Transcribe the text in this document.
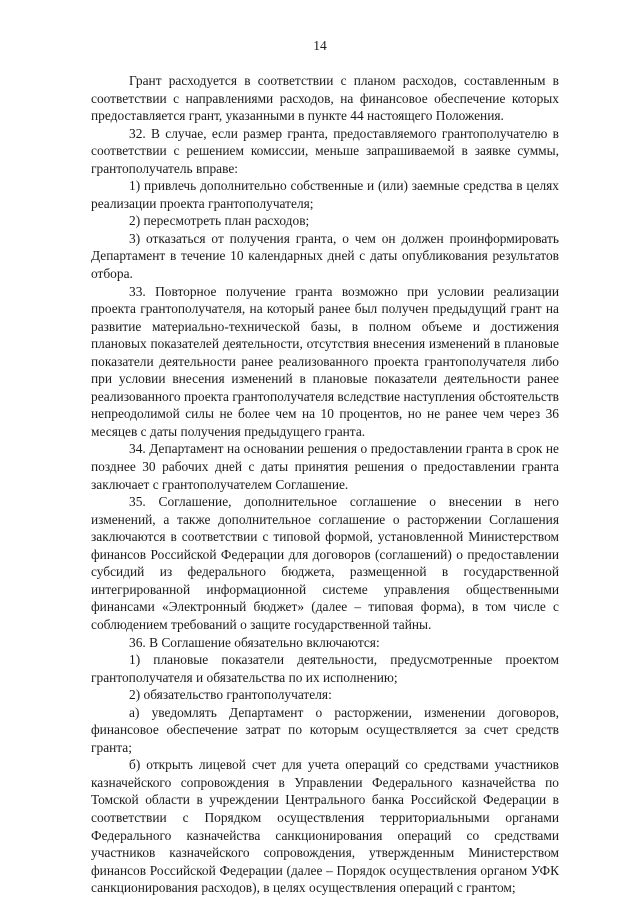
14

Грант расходуется в соответствии с планом расходов, составленным в соответствии с направлениями расходов, на финансовое обеспечение которых предоставляется грант, указанными в пункте 44 настоящего Положения.

32. В случае, если размер гранта, предоставляемого грантополучателю в соответствии с решением комиссии, меньше запрашиваемой в заявке суммы, грантополучатель вправе:

1) привлечь дополнительно собственные и (или) заемные средства в целях реализации проекта грантополучателя;

2) пересмотреть план расходов;

3) отказаться от получения гранта, о чем он должен проинформировать Департамент в течение 10 календарных дней с даты опубликования результатов отбора.

33. Повторное получение гранта возможно при условии реализации проекта грантополучателя, на который ранее был получен предыдущий грант на развитие материально-технической базы, в полном объеме и достижения плановых показателей деятельности, отсутствия внесения изменений в плановые показатели деятельности ранее реализованного проекта грантополучателя либо при условии внесения изменений в плановые показатели деятельности ранее реализованного проекта грантополучателя вследствие наступления обстоятельств непреодолимой силы не более чем на 10 процентов, но не ранее чем через 36 месяцев с даты получения предыдущего гранта.

34. Департамент на основании решения о предоставлении гранта в срок не позднее 30 рабочих дней с даты принятия решения о предоставлении гранта заключает с грантополучателем Соглашение.

35. Соглашение, дополнительное соглашение о внесении в него изменений, а также дополнительное соглашение о расторжении Соглашения заключаются в соответствии с типовой формой, установленной Министерством финансов Российской Федерации для договоров (соглашений) о предоставлении субсидий из федерального бюджета, размещенной в государственной интегрированной информационной системе управления общественными финансами «Электронный бюджет» (далее – типовая форма), в том числе с соблюдением требований о защите государственной тайны.

36. В Соглашение обязательно включаются:

1) плановые показатели деятельности, предусмотренные проектом грантополучателя и обязательства по их исполнению;

2) обязательство грантополучателя:

а) уведомлять Департамент о расторжении, изменении договоров, финансовое обеспечение затрат по которым осуществляется за счет средств гранта;

б) открыть лицевой счет для учета операций со средствами участников казначейского сопровождения в Управлении Федерального казначейства по Томской области в учреждении Центрального банка Российской Федерации в соответствии с Порядком осуществления территориальными органами Федерального казначейства санкционирования операций со средствами участников казначейского сопровождения, утвержденным Министерством финансов Российской Федерации (далее – Порядок осуществления органом УФК санкционирования расходов), в целях осуществления операций с грантом;
